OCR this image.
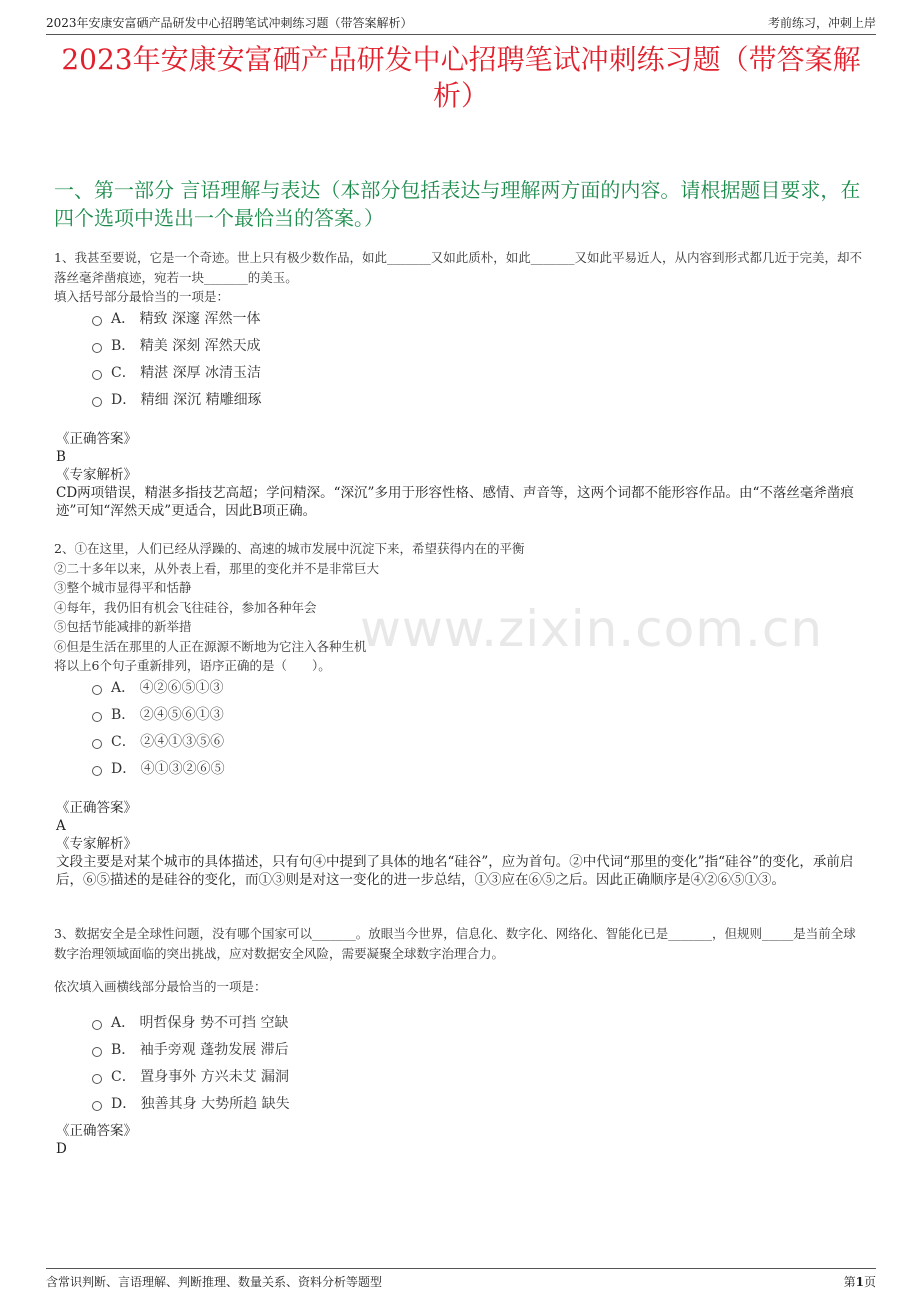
2023年安康安富硒产品研发中心招聘笔试冲刺练习题（带答案解析）	考前练习，冲刺上岸
2023年安康安富硒产品研发中心招聘笔试冲刺练习题（带答案解析）
一、第一部分 言语理解与表达（本部分包括表达与理解两方面的内容。请根据题目要求，在四个选项中选出一个最恰当的答案。）
www.zixin.com.cn

1、我甚至要说，它是一个奇迹。世上只有极少数作品，如此_______又如此质朴，如此_______又如此平易近人，从内容到形式都几近于完美，却不落丝毫斧凿痕迹，宛若一块_______的美玉。

填入括号部分最恰当的一项是：

A． 精致 深邃 浑然一体
B． 精美 深刻 浑然天成
C． 精湛 深厚 冰清玉洁
D． 精细 深沉 精雕细琢

《正确答案》

B

《专家解析》

CD两项错误，精湛多指技艺高超；学问精深。“深沉”多用于形容性格、感情、声音等，这两个词都不能形容作品。由“不落丝毫斧凿痕迹”可知“浑然天成”更适合，因此B项正确。

2、①在这里，人们已经从浮躁的、高速的城市发展中沉淀下来，希望获得内在的平衡

②二十多年以来，从外表上看，那里的变化并不是非常巨大

③整个城市显得平和恬静

④每年，我仍旧有机会飞往硅谷，参加各种年会

⑤包括节能减排的新举措

⑥但是生活在那里的人正在源源不断地为它注入各种生机

将以上6个句子重新排列，语序正确的是（　　）。

A． ④②⑥⑤①③
B． ②④⑤⑥①③
C． ②④①③⑤⑥
D． ④①③②⑥⑤

《正确答案》

A

《专家解析》

文段主要是对某个城市的具体描述，只有句④中提到了具体的地名“硅谷”，应为首句。②中代词“那里的变化”指“硅谷”的变化，承前启后，⑥⑤描述的是硅谷的变化，而①③则是对这一变化的进一步总结，①③应在⑥⑤之后。因此正确顺序是④②⑥⑤①③。

3、数据安全是全球性问题，没有哪个国家可以_______。放眼当今世界，信息化、数字化、网络化、智能化已是_______，但规则_____是当前全球数字治理领域面临的突出挑战，应对数据安全风险，需要凝聚全球数字治理合力。

依次填入画横线部分最恰当的一项是：

A． 明哲保身 势不可挡 空缺
B． 袖手旁观 蓬勃发展 滞后
C． 置身事外 方兴未艾 漏洞
D． 独善其身 大势所趋 缺失

《正确答案》

D

含常识判断、言语理解、判断推理、数量关系、资料分析等题型	第1页
